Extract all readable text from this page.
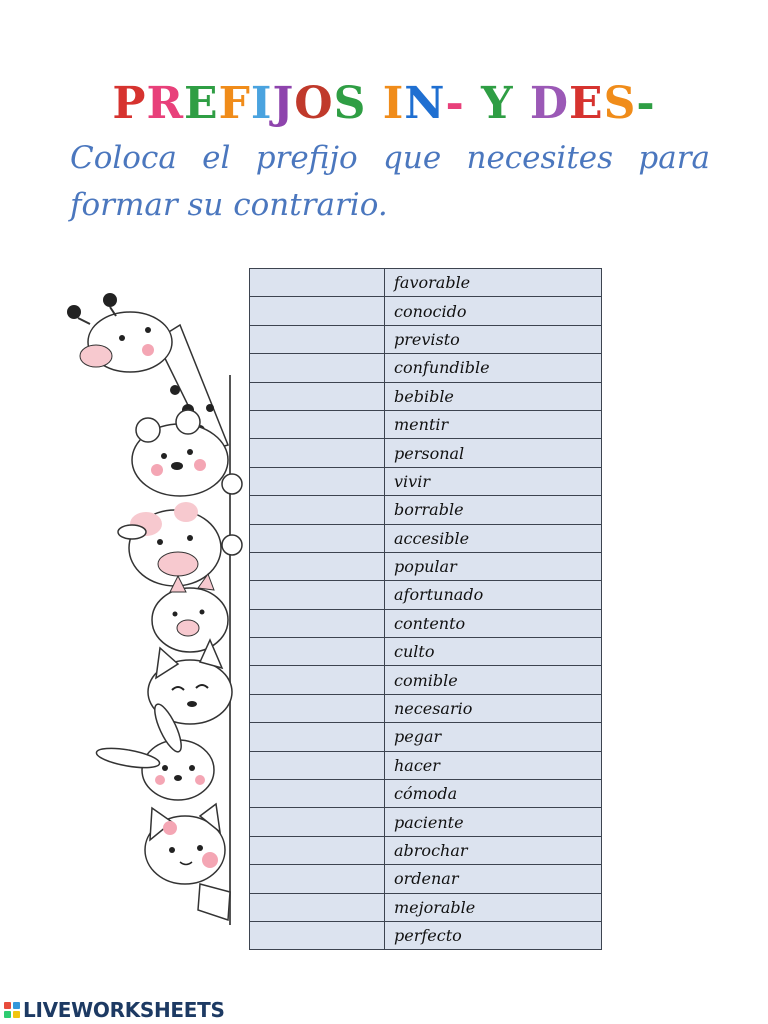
PREFIJOS IN- Y DES-

Coloca el prefijo que necesites para formar su contrario.

	favorable
	conocido
	previsto
	confundible
	bebible
	mentir
	personal
	vivir
	borrable
	accesible
	popular
	afortunado
	contento
	culto
	comible
	necesario
	pegar
	hacer
	cómoda
	paciente
	abrochar
	ordenar
	mejorable
	perfecto
LIVEWORKSHEETS
